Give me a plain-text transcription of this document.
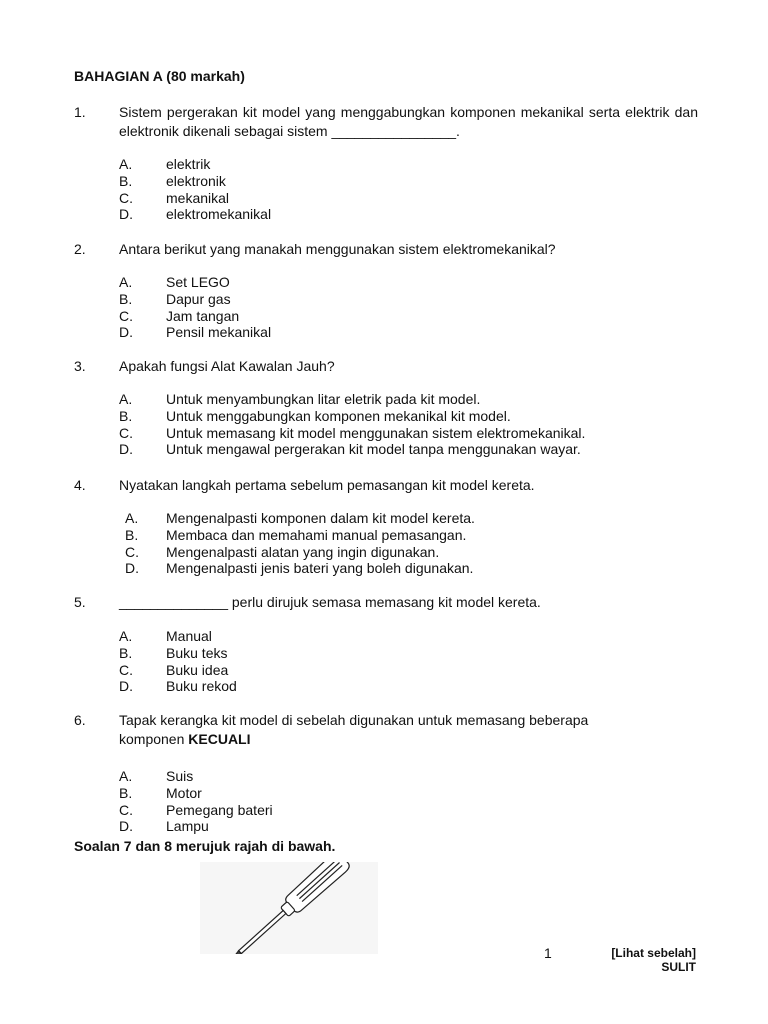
BAHAGIAN A (80 markah)
1. Sistem pergerakan kit model yang menggabungkan komponen mekanikal serta elektrik dan elektronik dikenali sebagai sistem ________________.
A. elektrik
B. elektronik
C. mekanikal
D. elektromekanikal
2. Antara berikut yang manakah menggunakan sistem elektromekanikal?
A. Set LEGO
B. Dapur gas
C. Jam tangan
D. Pensil mekanikal
3. Apakah fungsi Alat Kawalan Jauh?
A. Untuk menyambungkan litar eletrik pada kit model.
B. Untuk menggabungkan komponen mekanikal kit model.
C. Untuk memasang kit model menggunakan sistem elektromekanikal.
D. Untuk mengawal pergerakan kit model tanpa menggunakan wayar.
4. Nyatakan langkah pertama sebelum pemasangan kit model kereta.
A. Mengenalpasti komponen dalam kit model kereta.
B. Membaca dan memahami manual pemasangan.
C. Mengenalpasti alatan yang ingin digunakan.
D. Mengenalpasti jenis bateri yang boleh digunakan.
5. ______________ perlu dirujuk semasa memasang kit model kereta.
A. Manual
B. Buku teks
C. Buku idea
D. Buku rekod
6. Tapak kerangka kit model di sebelah digunakan untuk memasang beberapa komponen KECUALI
A. Suis
B. Motor
C. Pemegang bateri
D. Lampu
Soalan 7 dan 8 merujuk rajah di bawah.
1	[Lihat sebelah]
SULIT
